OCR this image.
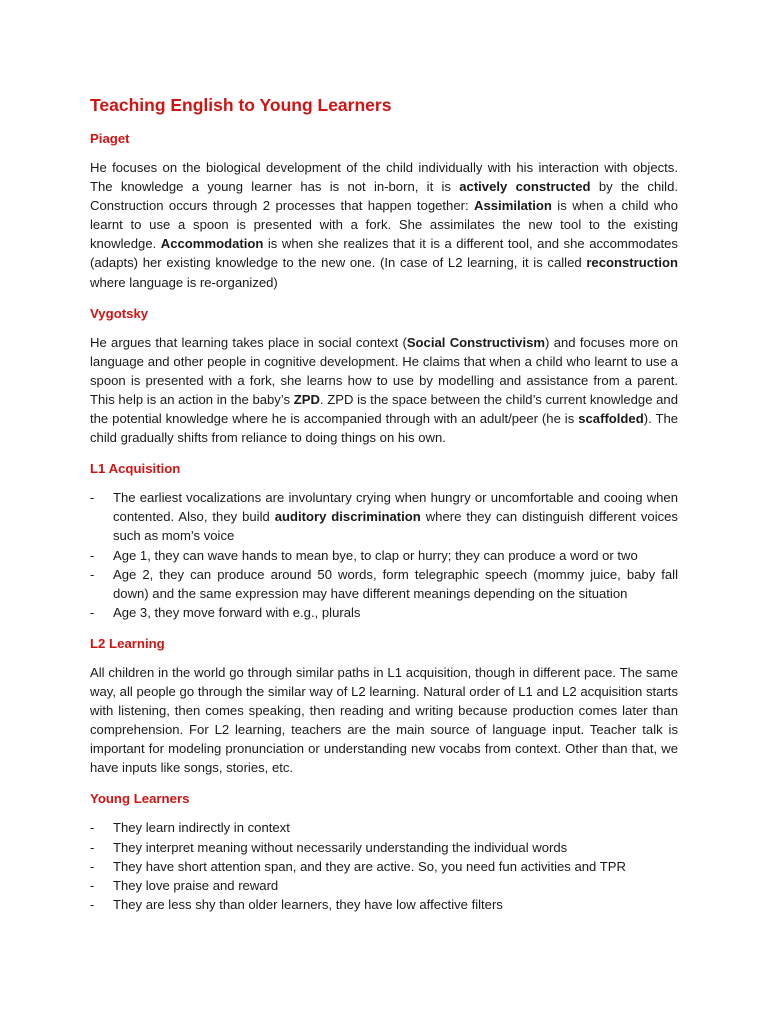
Teaching English to Young Learners
Piaget

He focuses on the biological development of the child individually with his interaction with objects. The knowledge a young learner has is not in-born, it is actively constructed by the child. Construction occurs through 2 processes that happen together: Assimilation is when a child who learnt to use a spoon is presented with a fork. She assimilates the new tool to the existing knowledge. Accommodation is when she realizes that it is a different tool, and she accommodates (adapts) her existing knowledge to the new one. (In case of L2 learning, it is called reconstruction where language is re-organized)

Vygotsky

He argues that learning takes place in social context (Social Constructivism) and focuses more on language and other people in cognitive development. He claims that when a child who learnt to use a spoon is presented with a fork, she learns how to use by modelling and assistance from a parent. This help is an action in the baby’s ZPD. ZPD is the space between the child’s current knowledge and the potential knowledge where he is accompanied through with an adult/peer (he is scaffolded). The child gradually shifts from reliance to doing things on his own.

L1 Acquisition
- The earliest vocalizations are involuntary crying when hungry or uncomfortable and cooing when contented. Also, they build auditory discrimination where they can distinguish different voices such as mom’s voice
- Age 1, they can wave hands to mean bye, to clap or hurry; they can produce a word or two
- Age 2, they can produce around 50 words, form telegraphic speech (mommy juice, baby fall down) and the same expression may have different meanings depending on the situation
- Age 3, they move forward with e.g., plurals
L2 Learning

All children in the world go through similar paths in L1 acquisition, though in different pace. The same way, all people go through the similar way of L2 learning. Natural order of L1 and L2 acquisition starts with listening, then comes speaking, then reading and writing because production comes later than comprehension. For L2 learning, teachers are the main source of language input. Teacher talk is important for modeling pronunciation or understanding new vocabs from context. Other than that, we have inputs like songs, stories, etc.

Young Learners
- They learn indirectly in context
- They interpret meaning without necessarily understanding the individual words
- They have short attention span, and they are active. So, you need fun activities and TPR
- They love praise and reward
- They are less shy than older learners, they have low affective filters
